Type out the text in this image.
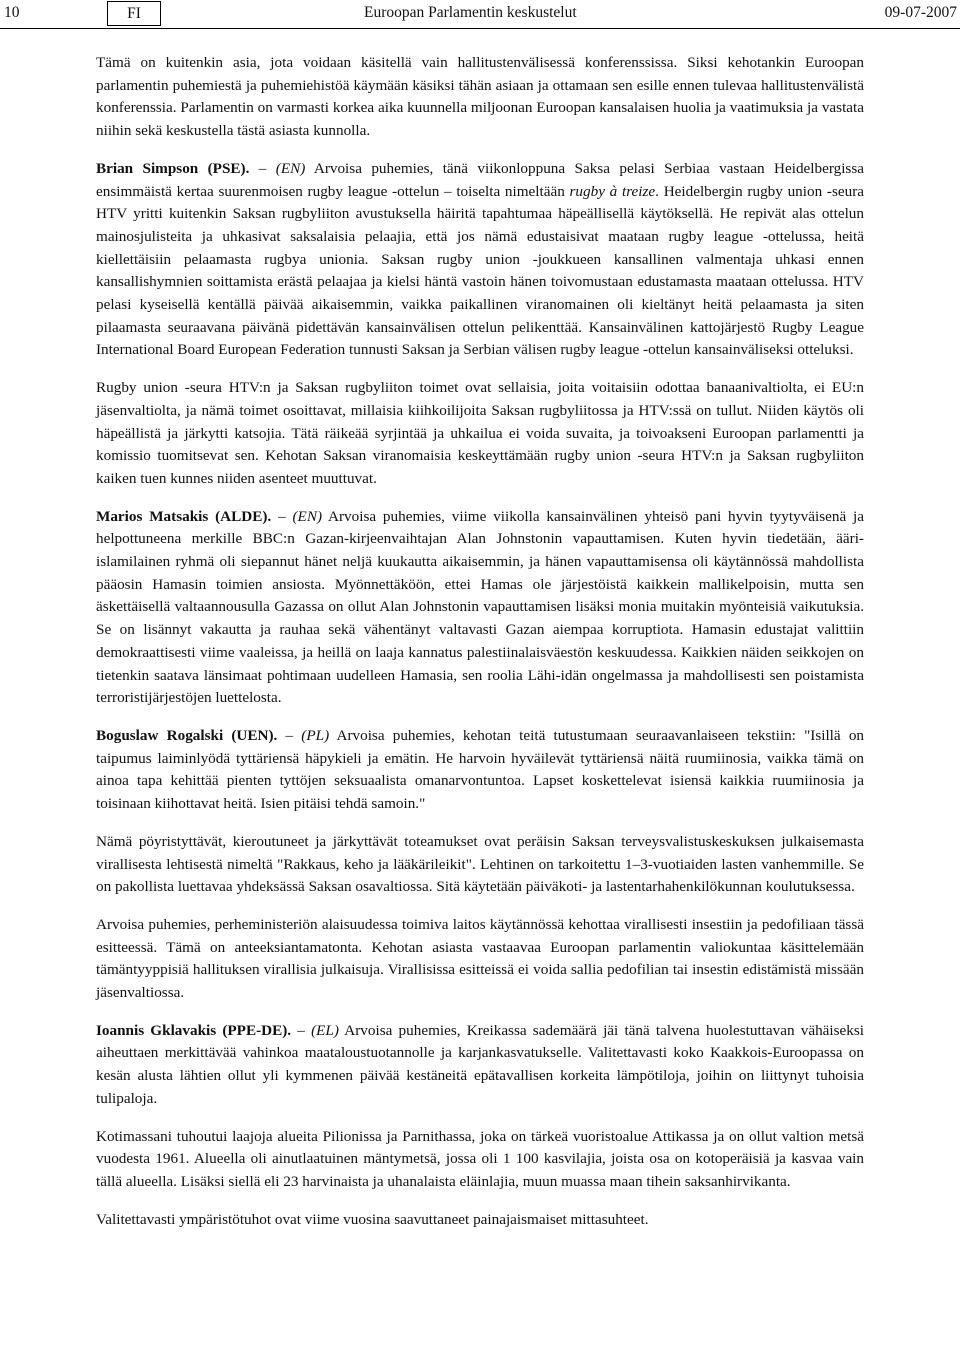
10	FI	Euroopan Parlamentin keskustelut	09-07-2007

Tämä on kuitenkin asia, jota voidaan käsitellä vain hallitustenvälisessä konferenssissa. Siksi kehotankin Euroopan parlamentin puhemiestä ja puhemiehistöä käymään käsiksi tähän asiaan ja ottamaan sen esille ennen tulevaa hallitustenvälistä konferenssia. Parlamentin on varmasti korkea aika kuunnella miljoonan Euroopan kansalaisen huolia ja vaatimuksia ja vastata niihin sekä keskustella tästä asiasta kunnolla.

Brian Simpson (PSE). – (EN) Arvoisa puhemies, tänä viikonloppuna Saksa pelasi Serbiaa vastaan Heidelbergissa ensimmäistä kertaa suurenmoisen rugby league -ottelun – toiselta nimeltään rugby à treize. Heidelbergin rugby union -seura HTV yritti kuitenkin Saksan rugbyliiton avustuksella häiritä tapahtumaa häpeällisellä käytöksellä. He repivät alas ottelun mainosjulisteita ja uhkasivat saksalaisia pelaajia, että jos nämä edustaisivat maataan rugby league -ottelussa, heitä kiellettäisiin pelaamasta rugbya unionia. Saksan rugby union -joukkueen kansallinen valmentaja uhkasi ennen kansallishymnien soittamista erästä pelaajaa ja kielsi häntä vastoin hänen toivomustaan edustamasta maataan ottelussa. HTV pelasi kyseisellä kentällä päivää aikaisemmin, vaikka paikallinen viranomainen oli kieltänyt heitä pelaamasta ja siten pilaamasta seuraavana päivänä pidettävän kansainvälisen ottelun pelikenttää. Kansainvälinen kattojärjestö Rugby League International Board European Federation tunnusti Saksan ja Serbian välisen rugby league -ottelun kansainväliseksi otteluksi.

Rugby union -seura HTV:n ja Saksan rugbyliiton toimet ovat sellaisia, joita voitaisiin odottaa banaanivaltiolta, ei EU:n jäsenvaltiolta, ja nämä toimet osoittavat, millaisia kiihkoilijoita Saksan rugbyliitossa ja HTV:ssä on tullut. Niiden käytös oli häpeällistä ja järkytti katsojia. Tätä räikeää syrjintää ja uhkailua ei voida suvaita, ja toivoakseni Euroopan parlamentti ja komissio tuomitsevat sen. Kehotan Saksan viranomaisia keskeyttämään rugby union -seura HTV:n ja Saksan rugbyliiton kaiken tuen kunnes niiden asenteet muuttuvat.

Marios Matsakis (ALDE). – (EN) Arvoisa puhemies, viime viikolla kansainvälinen yhteisö pani hyvin tyytyväisenä ja helpottuneena merkille BBC:n Gazan-kirjeenvaihtajan Alan Johnstonin vapauttamisen. Kuten hyvin tiedetään, ääri-islamilainen ryhmä oli siepannut hänet neljä kuukautta aikaisemmin, ja hänen vapauttamisensa oli käytännössä mahdollista pääosin Hamasin toimien ansiosta. Myönnettäköön, ettei Hamas ole järjestöistä kaikkein mallikelpoisin, mutta sen äskettäisellä valtaannousulla Gazassa on ollut Alan Johnstonin vapauttamisen lisäksi monia muitakin myönteisiä vaikutuksia. Se on lisännyt vakautta ja rauhaa sekä vähentänyt valtavasti Gazan aiempaa korruptiota. Hamasin edustajat valittiin demokraattisesti viime vaaleissa, ja heillä on laaja kannatus palestiinalaisväestön keskuudessa. Kaikkien näiden seikkojen on tietenkin saatava länsimaat pohtimaan uudelleen Hamasia, sen roolia Lähi-idän ongelmassa ja mahdollisesti sen poistamista terroristijärjestöjen luettelosta.

Boguslaw Rogalski (UEN). – (PL) Arvoisa puhemies, kehotan teitä tutustumaan seuraavanlaiseen tekstiin: "Isillä on taipumus laiminlyödä tyttäriensä häpykieli ja emätin. He harvoin hyväilevät tyttäriensä näitä ruumiinosia, vaikka tämä on ainoa tapa kehittää pienten tyttöjen seksuaalista omanarvontuntoa. Lapset koskettelevat isiensä kaikkia ruumiinosia ja toisinaan kiihottavat heitä. Isien pitäisi tehdä samoin."

Nämä pöyristyttävät, kieroutuneet ja järkyttävät toteamukset ovat peräisin Saksan terveysvalistuskeskuksen julkaisemasta virallisesta lehtisestä nimeltä "Rakkaus, keho ja lääkärileikit". Lehtinen on tarkoitettu 1–3-vuotiaiden lasten vanhemmille. Se on pakollista luettavaa yhdeksässä Saksan osavaltiossa. Sitä käytetään päiväkoti- ja lastentarhahenkilökunnan koulutuksessa.

Arvoisa puhemies, perheministeriön alaisuudessa toimiva laitos käytännössä kehottaa virallisesti insestiin ja pedofiliaan tässä esitteessä. Tämä on anteeksiantamatonta. Kehotan asiasta vastaavaa Euroopan parlamentin valiokuntaa käsittelemään tämäntyyppisiä hallituksen virallisia julkaisuja. Virallisissa esitteissä ei voida sallia pedofilian tai insestin edistämistä missään jäsenvaltiossa.

Ioannis Gklavakis (PPE-DE). – (EL) Arvoisa puhemies, Kreikassa sademäärä jäi tänä talvena huolestuttavan vähäiseksi aiheuttaen merkittävää vahinkoa maataloustuotannolle ja karjankasvatukselle. Valitettavasti koko Kaakkois-Euroopassa on kesän alusta lähtien ollut yli kymmenen päivää kestäneitä epätavallisen korkeita lämpötiloja, joihin on liittynyt tuhoisia tulipaloja.

Kotimassani tuhoutui laajoja alueita Pilionissa ja Parnithassa, joka on tärkeä vuoristoalue Attikassa ja on ollut valtion metsä vuodesta 1961. Alueella oli ainutlaatuinen mäntymetsä, jossa oli 1 100 kasvilajia, joista osa on kotoperäisiä ja kasvaa vain tällä alueella. Lisäksi siellä eli 23 harvinaista ja uhanalaista eläinlajia, muun muassa maan tihein saksanhirvikanta.

Valitettavasti ympäristötuhot ovat viime vuosina saavuttaneet painajaismaiset mittasuhteet.
